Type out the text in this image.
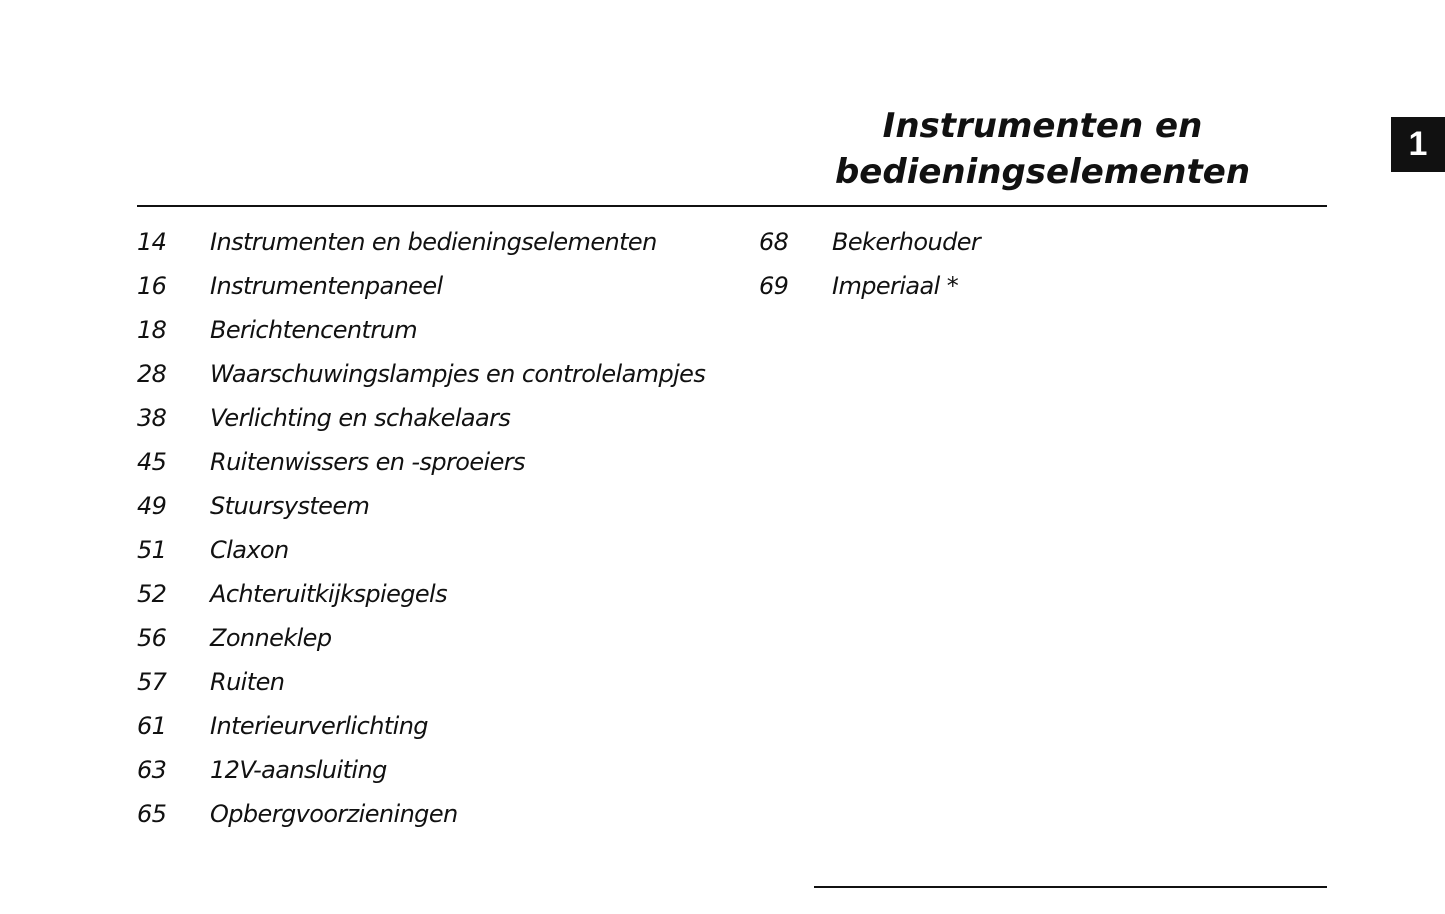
Instrumenten en
bedieningselementen
1
14	Instrumenten en bedieningselementen
16	Instrumentenpaneel
18	Berichtencentrum
28	Waarschuwingslampjes en controlelampjes
38	Verlichting en schakelaars
45	Ruitenwissers en -sproeiers
49	Stuursysteem
51	Claxon
52	Achteruitkijkspiegels
56	Zonneklep
57	Ruiten
61	Interieurverlichting
63	12V-aansluiting
65	Opbergvoorzieningen
68	Bekerhouder
69	Imperiaal *
